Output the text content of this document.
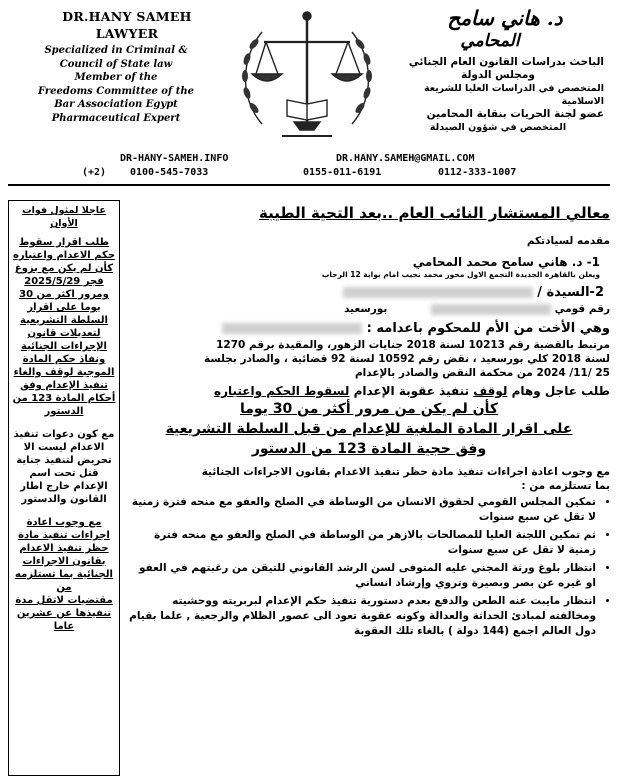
DR.HANY SAMEH
LAWYER
Specialized in Criminal &
Council of State law
Member of the
Freedoms Committee of the
Bar Association Egypt
Pharmaceutical Expert
د. هاني سامح
المحامي
الباحث بدراسات القانون العام الجنائي
ومجلس الدولة
المتخصص في الدراسات العليا للشريعة الاسلامية
عضو لجنة الحريات بنقابة المحامين
المتخصص في شؤون الصيدلة
DR-HANY-SAMEH.INFO	DR.HANY.SAMEH@GMAIL.COM
(+2) 0100-545-7033	0155-011-6191	0112-333-1007

عاجلا لمثول فوات الأوان

طلب اقرار سقوط حكم الاعدام واعتباره كأن لم يكن مع بزوغ فجر 2025/5/29 ومرور اكثر من 30 يوما على اقرار السلطة التشريعية لتعديلات قانون الإجراءات الجنائية ونفاذ حكم المادة الموجبة لوقف والغاء تنفيذ الإعدام وفق أحكام المادة 123 من الدستور

مع كون دعوات تنفيذ الاعدام ليست الا تحريض لتنفيذ جناية قتل تحت اسم الإعدام خارج اطار القانون والدستور

مع وجوب اعادة اجراءات تنفيذ مادة حظر تنفيذ الاعدام بقانون الاجراءات الجنائية بما تستلزمه من

مقتضيات لاتقل مدة تنفيذها عن عشرين عاما

معالي المستشار النائب العام ..بعد التحية الطيبة
مقدمه لسيادتكم
1- د. هاني سامح محمد المحامي
ويعلن بالقاهرة الجديدة التجمع الاول محور محمد نجيب امام بوابة 12 الرحاب
2-السيدة /
رقم قومي  بورسعيد
وهي الأخت من الأم للمحكوم باعدامه :
مرتبط بالقضية رقم 10213 لسنة 2018 جنايات الزهور، والمقيدة برقم 1270
لسنة 2018 كلي بورسعيد ، نقض رقم 10592 لسنة 92 قضائية ، والصادر بجلسة
25 /11/ 2024 من محكمة النقض والصادر بالإعدام
طلب عاجل وهام لوقف تنفيذ عقوبة الإعدام لسقوط الحكم واعتباره
كأن لم يكن من مرور أكثر من 30 يوما
على اقرار المادة الملغية للإعدام من قبل السلطة التشريعية
وفق حجية المادة 123 من الدستور
مع وجوب اعادة اجراءات تنفيذ مادة حظر تنفيذ الاعدام بقانون الاجراءات الجنائية
بما تستلزمه من :
• تمكين المجلس القومي لحقوق الانسان من الوساطة في الصلح والعفو مع منحه فترة زمنية لا تقل عن سبع سنوات
• ثم تمكين اللجنة العليا للمصالحات بالازهر من الوساطة في الصلح والعفو مع منحه فترة زمنية لا تقل عن سبع سنوات
• انتظار بلوغ ورثة المجني عليه المتوفى لسن الرشد القانوني للتيقن من رغبتهم في العفو او غيره عن بصر وبصيرة وتروي وإرشاد انساني
• انتظار مايبت عنه الطعن والدفع بعدم دستورية تنفيذ حكم الإعدام لبربريته ووحشيته ومخالفته لمبادئ الحداثة والعدالة وكونه عقوبة تعود الى عصور الظلام والرجعية , علما بقيام دول العالم اجمع (144 دولة ) بالغاء تلك العقوبة
